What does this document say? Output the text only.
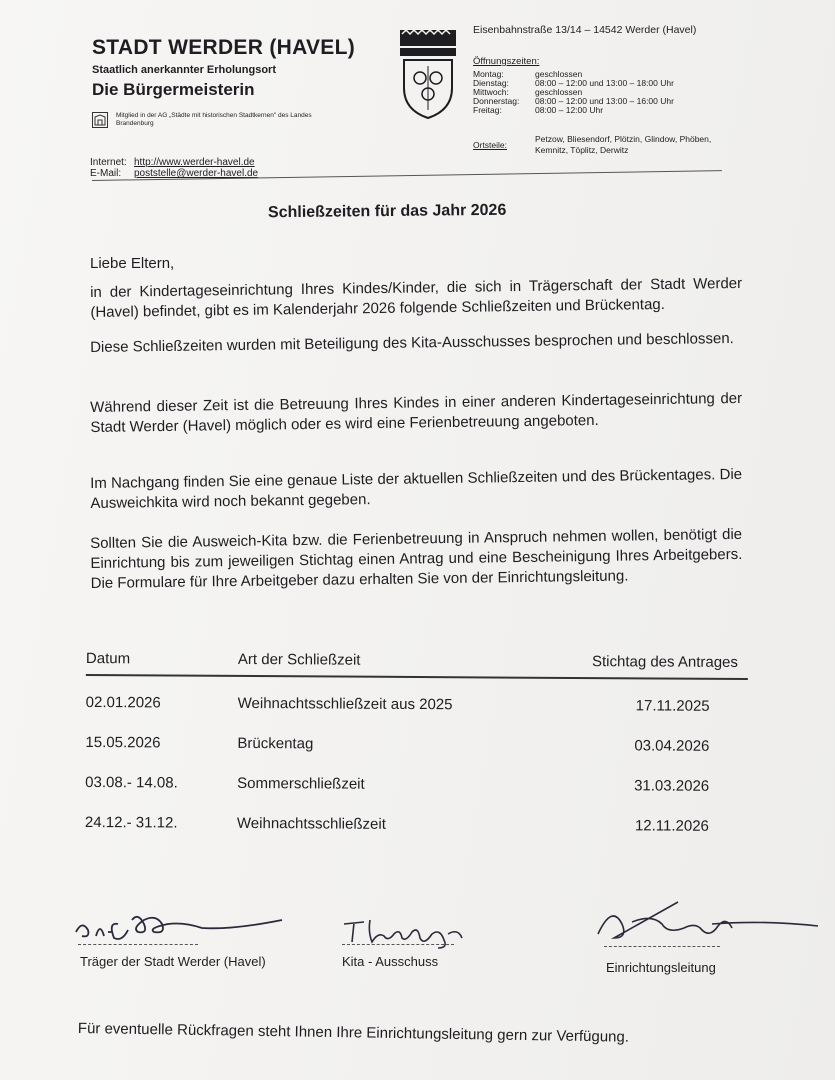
STADT WERDER (HAVEL)
Staatlich anerkannter Erholungsort
Die Bürgermeisterin
Mitglied in der AG „Städte mit historischen Stadtkernen" des Landes Brandenburg
Eisenbahnstraße 13/14 – 14542 Werder (Havel)
Öffnungszeiten:
Montag:	geschlossen
Dienstag:	08:00 – 12:00 und 13:00 – 18:00 Uhr
Mittwoch:	geschlossen
Donnerstag:	08:00 – 12:00 und 13:00 – 16:00 Uhr
Freitag:	08:00 – 12:00 Uhr
Ortsteile:
Petzow, Bliesendorf, Plötzin, Glindow, Phöben, Kemnitz, Töplitz, Derwitz
Internet: http://www.werder-havel.de
E-Mail:	poststelle@werder-havel.de
Schließzeiten für das Jahr 2026
Liebe Eltern,
in der Kindertageseinrichtung Ihres Kindes/Kinder, die sich in Trägerschaft der Stadt Werder (Havel) befindet, gibt es im Kalenderjahr 2026 folgende Schließzeiten und Brückentag.
Diese Schließzeiten wurden mit Beteiligung des Kita-Ausschusses besprochen und beschlossen.
Während dieser Zeit ist die Betreuung Ihres Kindes in einer anderen Kindertageseinrichtung der Stadt Werder (Havel) möglich oder es wird eine Ferienbetreuung angeboten.
Im Nachgang finden Sie eine genaue Liste der aktuellen Schließzeiten und des Brückentages. Die Ausweichkita wird noch bekannt gegeben.
Sollten Sie die Ausweich-Kita bzw. die Ferienbetreuung in Anspruch nehmen wollen, benötigt die Einrichtung bis zum jeweiligen Stichtag einen Antrag und eine Bescheinigung Ihres Arbeitgebers. Die Formulare für Ihre Arbeitgeber dazu erhalten Sie von der Einrichtungsleitung.
Datum	Art der Schließzeit	Stichtag des Antrages
02.01.2026	Weihnachtsschließzeit aus 2025	17.11.2025
15.05.2026	Brückentag	03.04.2026
03.08.- 14.08.	Sommerschließzeit	31.03.2026
24.12.- 31.12.	Weihnachtsschließzeit	12.11.2026
Träger der Stadt Werder (Havel)	Kita - Ausschuss	Einrichtungsleitung
Für eventuelle Rückfragen steht Ihnen Ihre Einrichtungsleitung gern zur Verfügung.
